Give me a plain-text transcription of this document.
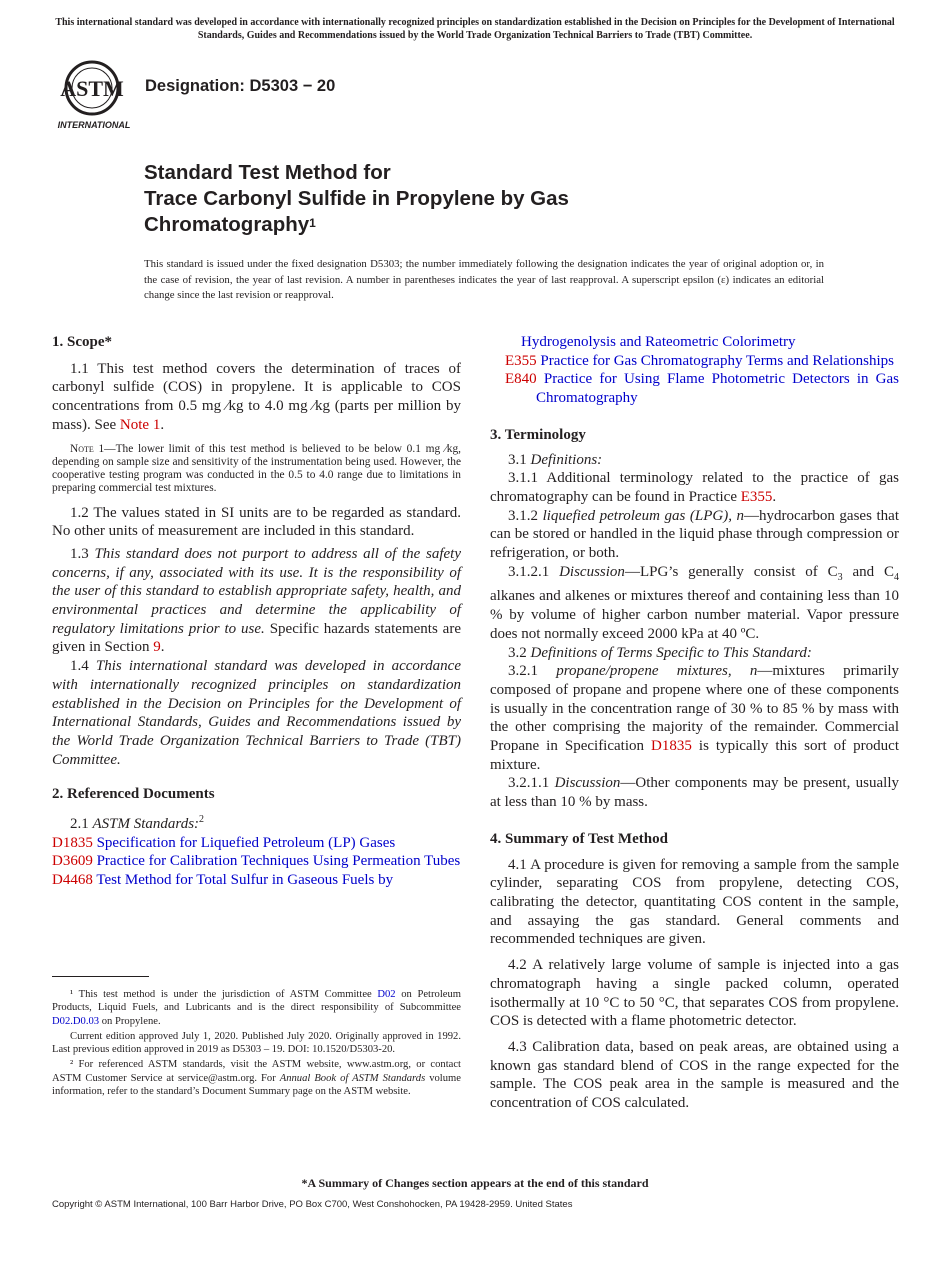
This international standard was developed in accordance with internationally recognized principles on standardization established in the Decision on Principles for the Development of International Standards, Guides and Recommendations issued by the World Trade Organization Technical Barriers to Trade (TBT) Committee.
ASTM
INTERNATIONAL
Designation: D5303 − 20
Standard Test Method for
Trace Carbonyl Sulfide in Propylene by Gas
Chromatography$^1$
This standard is issued under the fixed designation D5303; the number immediately following the designation indicates the year of original adoption or, in the case of revision, the year of last revision. A number in parentheses indicates the year of last reapproval. A superscript epsilon (ε) indicates an editorial change since the last revision or reapproval.

1. Scope*

1.1 This test method covers the determination of traces of carbonyl sulfide (COS) in propylene. It is applicable to COS concentrations from 0.5 mg ⁄kg to 4.0 mg ⁄kg (parts per million by mass). See Note 1.

Note 1—The lower limit of this test method is believed to be below 0.1 mg ⁄kg, depending on sample size and sensitivity of the instrumentation being used. However, the cooperative testing program was conducted in the 0.5 to 4.0 range due to limitations in preparing commercial test mixtures.

1.2 The values stated in SI units are to be regarded as standard. No other units of measurement are included in this standard.

1.3 This standard does not purport to address all of the safety concerns, if any, associated with its use. It is the responsibility of the user of this standard to establish appropriate safety, health, and environmental practices and determine the applicability of regulatory limitations prior to use. Specific hazards statements are given in Section 9.

1.4 This international standard was developed in accordance with internationally recognized principles on standardization established in the Decision on Principles for the Development of International Standards, Guides and Recommendations issued by the World Trade Organization Technical Barriers to Trade (TBT) Committee.

2. Referenced Documents

2.1 ASTM Standards:$^2$

D1835 Specification for Liquefied Petroleum (LP) Gases

D3609 Practice for Calibration Techniques Using Permeation Tubes

D4468 Test Method for Total Sulfur in Gaseous Fuels by

¹ This test method is under the jurisdiction of ASTM Committee D02 on Petroleum Products, Liquid Fuels, and Lubricants and is the direct responsibility of Subcommittee D02.D0.03 on Propylene.

Current edition approved July 1, 2020. Published July 2020. Originally approved in 1992. Last previous edition approved in 2019 as D5303 – 19. DOI: 10.1520/D5303-20.

² For referenced ASTM standards, visit the ASTM website, www.astm.org, or contact ASTM Customer Service at service@astm.org. For Annual Book of ASTM Standards volume information, refer to the standard’s Document Summary page on the ASTM website.

Hydrogenolysis and Rateometric Colorimetry

E355 Practice for Gas Chromatography Terms and Relationships

E840 Practice for Using Flame Photometric Detectors in Gas Chromatography

3. Terminology

3.1 Definitions:

3.1.1 Additional terminology related to the practice of gas chromatography can be found in Practice E355.

3.1.2 liquefied petroleum gas (LPG), n—hydrocarbon gases that can be stored or handled in the liquid phase through compression or refrigeration, or both.

3.1.2.1 Discussion—LPG’s generally consist of $C_3$ and $C_4$ alkanes and alkenes or mixtures thereof and containing less than 10 % by volume of higher carbon number material. Vapor pressure does not normally exceed 2000 kPa at 40 ºC.

3.2 Definitions of Terms Specific to This Standard:

3.2.1 propane/propene mixtures, n—mixtures primarily composed of propane and propene where one of these components is usually in the concentration range of 30 % to 85 % by mass with the other comprising the majority of the remainder. Commercial Propane in Specification D1835 is typically this sort of product mixture.

3.2.1.1 Discussion—Other components may be present, usually at less than 10 % by mass.

4. Summary of Test Method

4.1 A procedure is given for removing a sample from the sample cylinder, separating COS from propylene, detecting COS, calibrating the detector, quantitating COS content in the sample, and assaying the gas standard. General comments and recommended techniques are given.

4.2 A relatively large volume of sample is injected into a gas chromatograph having a single packed column, operated isothermally at 10 °C to 50 °C, that separates COS from propylene. COS is detected with a flame photometric detector.

4.3 Calibration data, based on peak areas, are obtained using a known gas standard blend of COS in the range expected for the sample. The COS peak area in the sample is measured and the concentration of COS calculated.

*A Summary of Changes section appears at the end of this standard
Copyright © ASTM International, 100 Barr Harbor Drive, PO Box C700, West Conshohocken, PA 19428-2959. United States
